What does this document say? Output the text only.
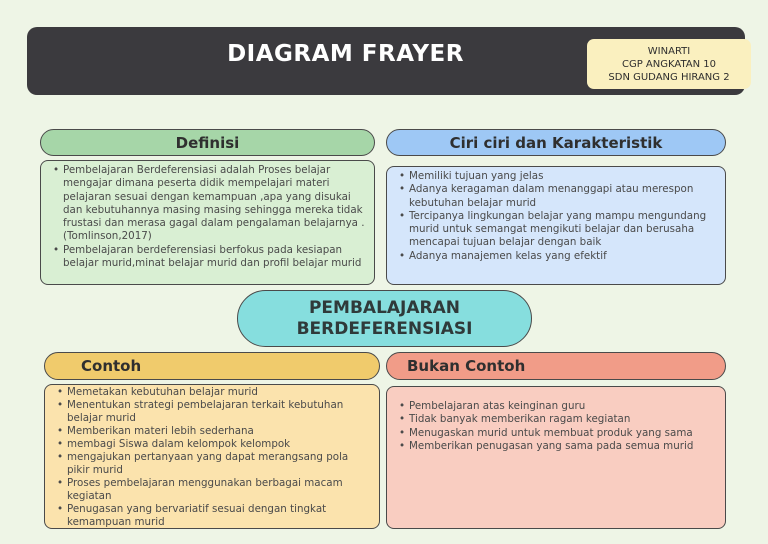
DIAGRAM FRAYER	WINARTI
CGP ANGKATAN 10
SDN GUDANG HIRANG 2
Definisi
• Pembelajaran Berdeferensiasi adalah Proses belajar mengajar dimana peserta didik mempelajari materi pelajaran sesuai dengan kemampuan ,apa yang disukai dan kebutuhannya masing masing sehingga mereka tidak frustasi dan merasa gagal dalam pengalaman belajarnya .(Tomlinson,2017)
• Pembelajaran berdeferensiasi berfokus pada kesiapan belajar murid,minat belajar murid dan profil belajar murid
Ciri ciri dan Karakteristik
• Memiliki tujuan yang jelas
• Adanya keragaman dalam menanggapi atau merespon kebutuhan belajar murid
• Tercipanya lingkungan belajar yang mampu mengundang murid untuk semangat mengikuti belajar dan berusaha mencapai tujuan belajar dengan baik
• Adanya manajemen kelas yang efektif
PEMBALAJARAN
BERDEFERENSIASI
Contoh
• Memetakan kebutuhan belajar murid
• Menentukan strategi pembelajaran terkait kebutuhan belajar murid
• Memberikan materi lebih sederhana
• membagi Siswa dalam kelompok kelompok
• mengajukan pertanyaan yang dapat merangsang pola pikir murid
• Proses pembelajaran menggunakan berbagai macam kegiatan
• Penugasan yang bervariatif sesuai dengan tingkat kemampuan murid
Bukan Contoh
• Pembelajaran atas keinginan guru
• Tidak banyak memberikan ragam kegiatan
• Menugaskan murid untuk membuat produk yang sama
• Memberikan penugasan yang sama pada semua murid
